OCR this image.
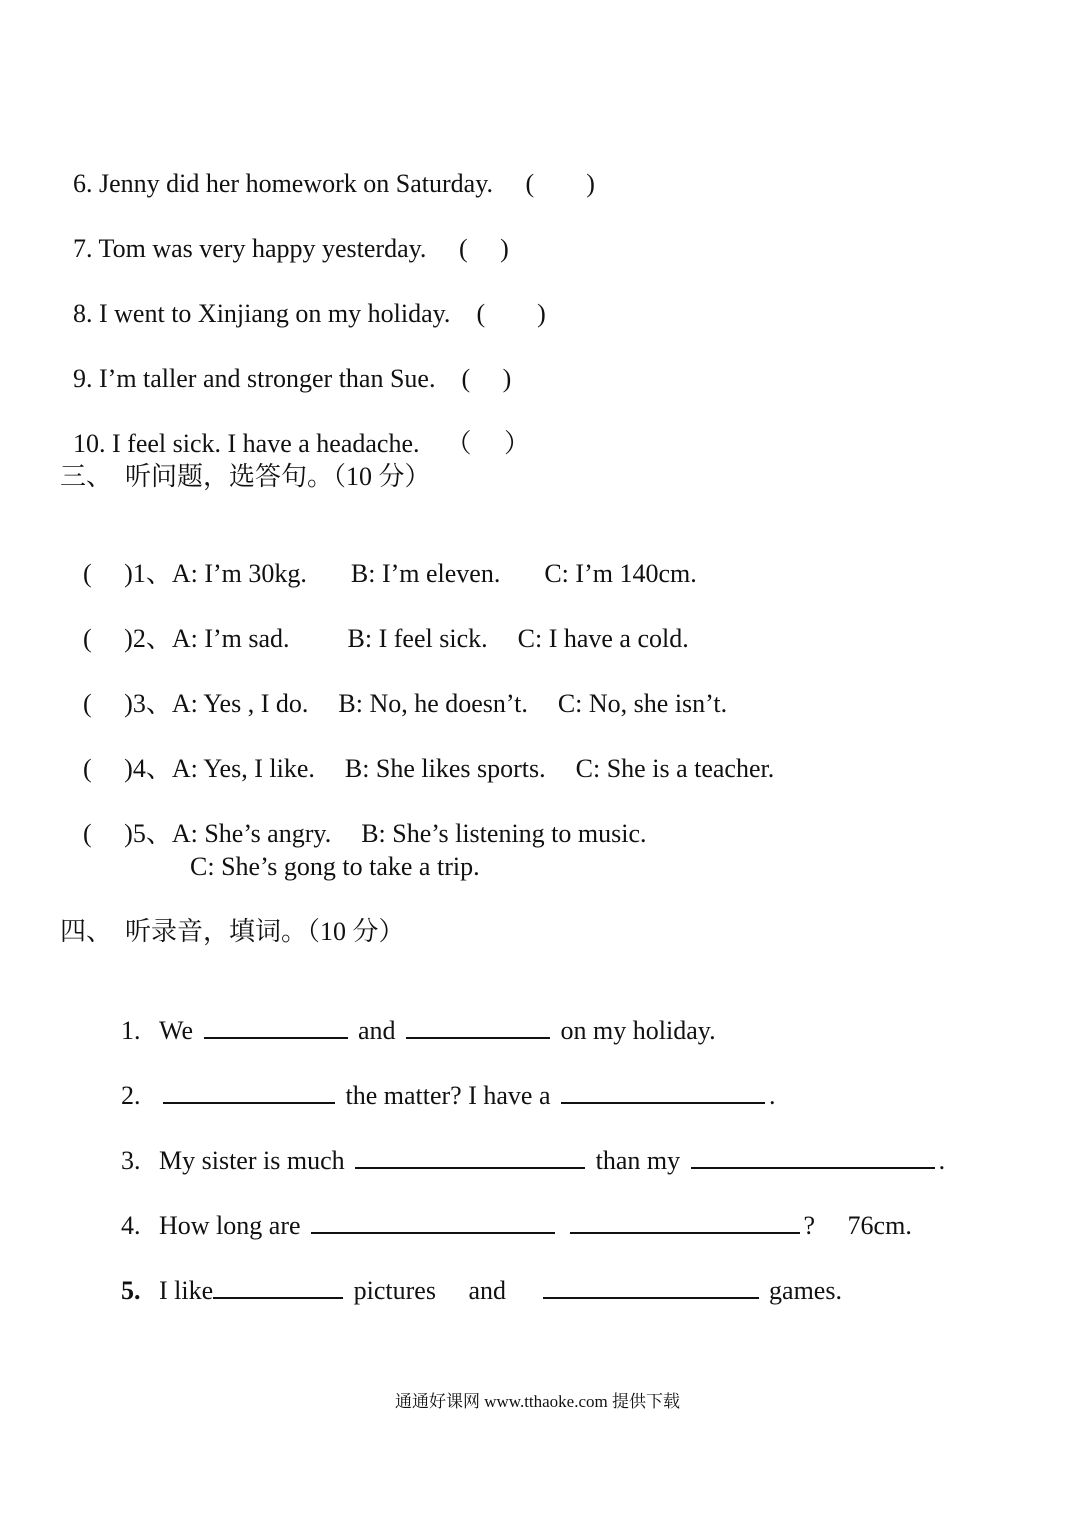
6. Jenny did her homework on Saturday.　 (　　)

7. Tom was very happy yesterday.　 (　 )

8. I went to Xinjiang on my holiday.　 (　　)

9. I’m taller and stronger than Sue.　 (　 )

10. I feel sick. I have a headache.　 （　 ）

三、　听问题，选答句。（10 分）

(　 )1、A: I’m 30kg. B: I’m eleven. C: I’m 140cm.

(　 )2、A: I’m sad. B: I feel sick. C: I have a cold.

(　 )3、A: Yes , I do. B: No, he doesn’t. C: No, she isn’t.

(　 )4、A: Yes, I like. B: She likes sports. C: She is a teacher.

(　 )5、A: She’s angry. B: She’s listening to music.

C: She’s gong to take a trip.
四、　听录音，填词。（10 分）

1. We	and	on my holiday.

2.	the matter? I have a	.

3. My sister is much	than my	.

4. How long are	?　 76cm.

5. I like	pictures　 and　	games.

通通好课网 www.tthaoke.com 提供下载
